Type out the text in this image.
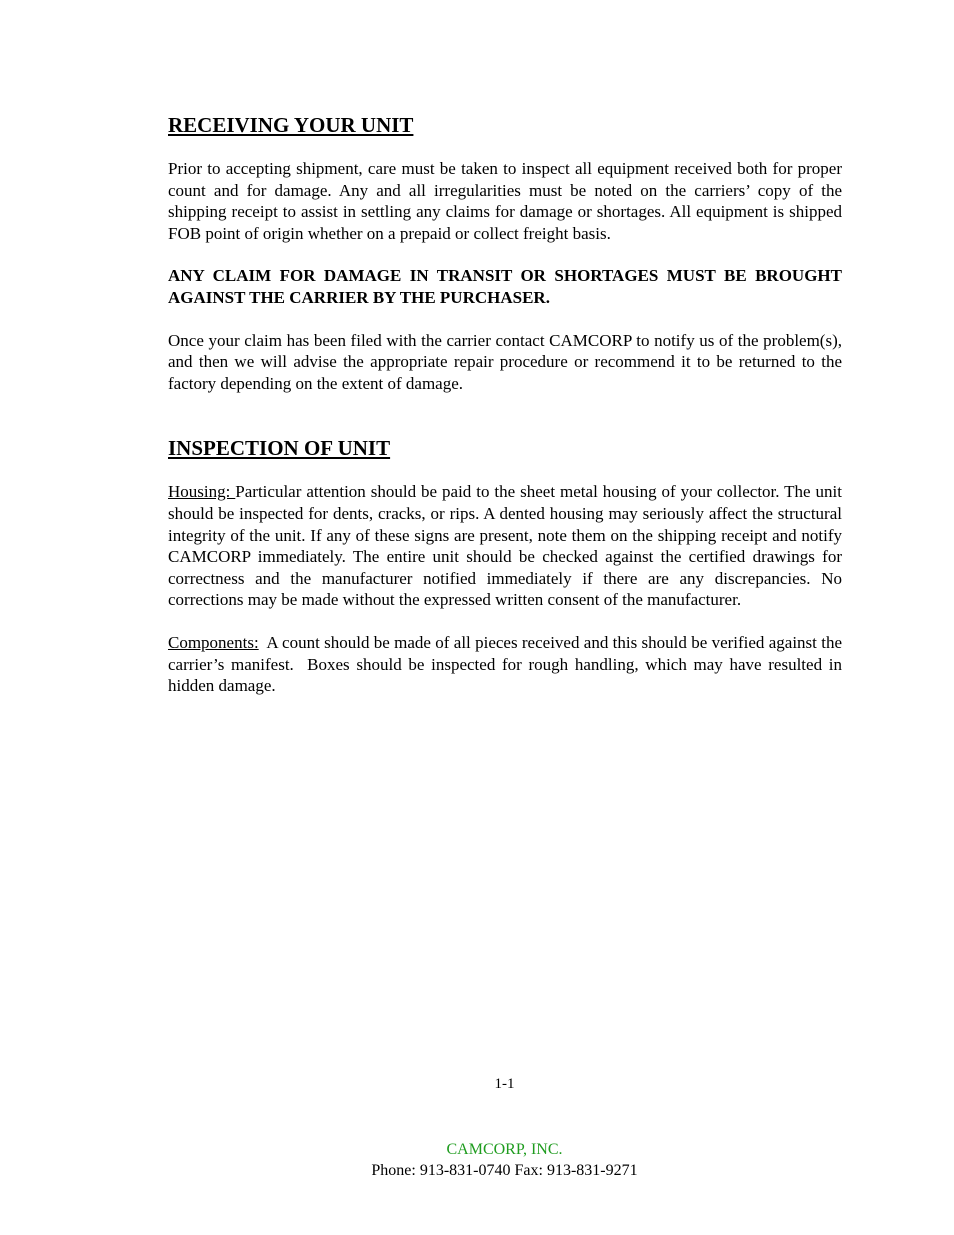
RECEIVING YOUR UNIT

Prior to accepting shipment, care must be taken to inspect all equipment received both for proper count and for damage. Any and all irregularities must be noted on the carriers’ copy of the shipping receipt to assist in settling any claims for damage or shortages. All equipment is shipped FOB point of origin whether on a prepaid or collect freight basis.

ANY CLAIM FOR DAMAGE IN TRANSIT OR SHORTAGES MUST BE BROUGHT AGAINST THE CARRIER BY THE PURCHASER.

Once your claim has been filed with the carrier contact CAMCORP to notify us of the problem(s), and then we will advise the appropriate repair procedure or recommend it to be returned to the factory depending on the extent of damage.

INSPECTION OF UNIT

Housing: Particular attention should be paid to the sheet metal housing of your collector. The unit should be inspected for dents, cracks, or rips. A dented housing may seriously affect the structural integrity of the unit. If any of these signs are present, note them on the shipping receipt and notify CAMCORP immediately. The entire unit should be checked against the certified drawings for correctness and the manufacturer notified immediately if there are any discrepancies. No corrections may be made without the expressed written consent of the manufacturer.

Components:  A count should be made of all pieces received and this should be verified against the carrier’s manifest.  Boxes should be inspected for rough handling, which may have resulted in hidden damage.

1-1
CAMCORP, INC.
Phone: 913-831-0740 Fax: 913-831-9271
